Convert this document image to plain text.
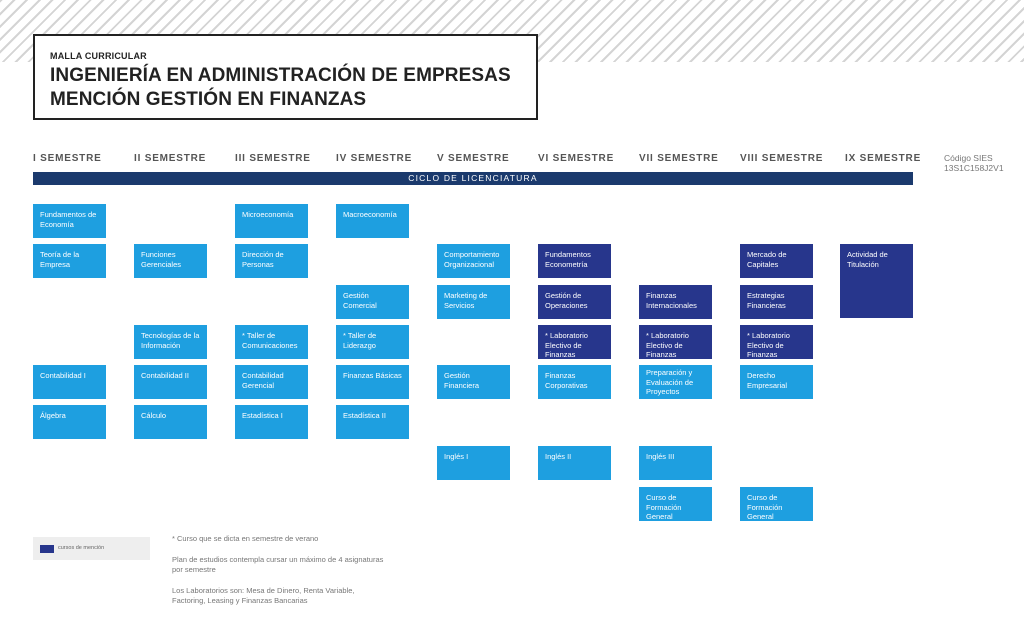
MALLA CURRICULAR
INGENIERÍA EN ADMINISTRACIÓN DE EMPRESAS
MENCIÓN GESTIÓN EN FINANZAS
I SEMESTRE	II SEMESTRE	III SEMESTRE	IV SEMESTRE V SEMESTRE	VI SEMESTRE VII SEMESTRE VIII SEMESTRE IX SEMESTRE	Código SIES
13S1C158J2V1
CICLO DE LICENCIATURA
Fundamentos de Economía
Teoría de la Empresa
Contabilidad I
Álgebra
Funciones Gerenciales
Tecnologías de la Información
Contabilidad II
Cálculo
Microeconomía
Dirección de Personas
* Taller de Comunicaciones
Contabilidad Gerencial
Estadística I
Macroeconomía
Gestión Comercial
* Taller de Liderazgo
Finanzas Básicas
Estadística II
Comportamiento Organizacional
Marketing de Servicios
Gestión Financiera
Inglés I
Fundamentos Econometría
Gestión de Operaciones
* Laboratorio Electivo de Finanzas
Finanzas Corporativas
Inglés II
Finanzas Internacionales
* Laboratorio Electivo de Finanzas
Preparación y Evaluación de Proyectos
Inglés III
Curso de Formación General
Mercado de Capitales
Estrategias Financieras
* Laboratorio Electivo de Finanzas
Derecho Empresarial
Curso de Formación General
Actividad de Titulación
cursos de mención
* Curso que se dicta en semestre de verano
Plan de estudios contempla cursar un máximo de 4 asignaturas por semestre
Los Laboratorios son: Mesa de Dinero, Renta Variable, Factoring, Leasing y Finanzas Bancarias
